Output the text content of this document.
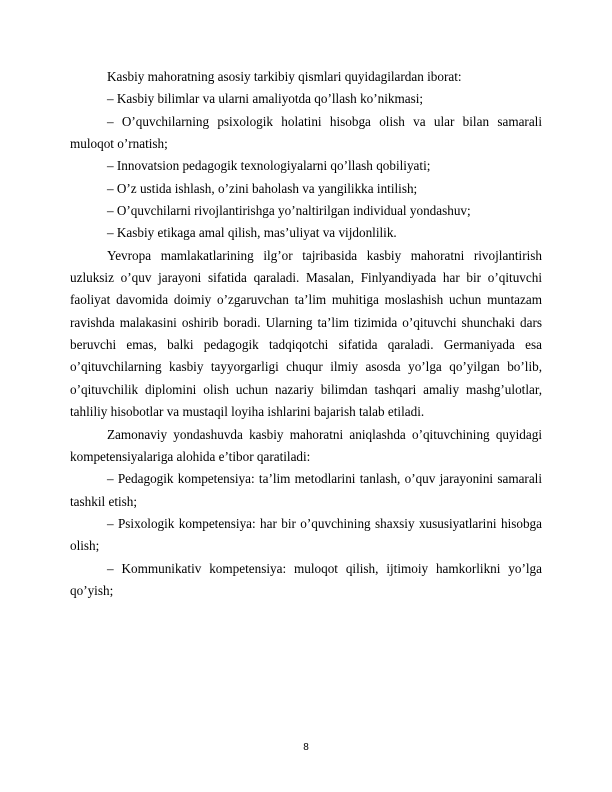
Kasbiy mahoratning asosiy tarkibiy qismlari quyidagilardan iborat:

– Kasbiy bilimlar va ularni amaliyotda qo’llash ko’nikmasi;

– O’quvchilarning psixologik holatini hisobga olish va ular bilan samarali muloqot o’rnatish;

– Innovatsion pedagogik texnologiyalarni qo’llash qobiliyati;

– O’z ustida ishlash, o’zini baholash va yangilikka intilish;

– O’quvchilarni rivojlantirishga yo’naltirilgan individual yondashuv;

– Kasbiy etikaga amal qilish, mas’uliyat va vijdonlilik.

Yevropa mamlakatlarining ilg’or tajribasida kasbiy mahoratni rivojlantirish uzluksiz o’quv jarayoni sifatida qaraladi. Masalan, Finlyandiyada har bir o’qituvchi faoliyat davomida doimiy o’zgaruvchan ta’lim muhitiga moslashish uchun muntazam ravishda malakasini oshirib boradi. Ularning ta’lim tizimida o’qituvchi shunchaki dars beruvchi emas, balki pedagogik tadqiqotchi sifatida qaraladi. Germaniyada esa o’qituvchilarning kasbiy tayyorgarligi chuqur ilmiy asosda yo’lga qo’yilgan bo’lib, o’qituvchilik diplomini olish uchun nazariy bilimdan tashqari amaliy mashg’ulotlar, tahliliy hisobotlar va mustaqil loyiha ishlarini bajarish talab etiladi.

Zamonaviy yondashuvda kasbiy mahoratni aniqlashda o’qituvchining quyidagi kompetensiyalariga alohida e’tibor qaratiladi:

– Pedagogik kompetensiya: ta’lim metodlarini tanlash, o’quv jarayonini samarali tashkil etish;

– Psixologik kompetensiya: har bir o’quvchining shaxsiy xususiyatlarini hisobga olish;

– Kommunikativ kompetensiya: muloqot qilish, ijtimoiy hamkorlikni yo’lga qo’yish;

8
